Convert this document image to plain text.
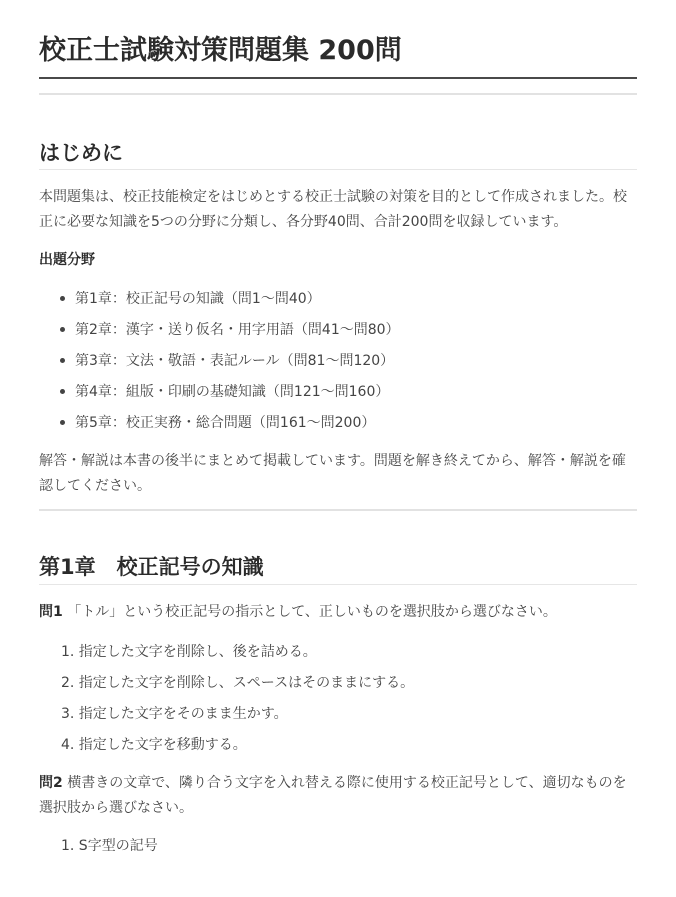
校正士試験対策問題集 200問
はじめに

本問題集は、校正技能検定をはじめとする校正士試験の対策を目的として作成されました。校正に必要な知識を5つの分野に分類し、各分野40問、合計200問を収録しています。

出題分野
第1章：校正記号の知識（問1〜問40）
第2章：漢字・送り仮名・用字用語（問41〜問80）
第3章：文法・敬語・表記ルール（問81〜問120）
第4章：組版・印刷の基礎知識（問121〜問160）
第5章：校正実務・総合問題（問161〜問200）

解答・解説は本書の後半にまとめて掲載しています。問題を解き終えてから、解答・解説を確認してください。

第1章　校正記号の知識
問1 「トル」という校正記号の指示として、正しいものを選択肢から選びなさい。
1. 指定した文字を削除し、後を詰める。
2. 指定した文字を削除し、スペースはそのままにする。
3. 指定した文字をそのまま生かす。
4. 指定した文字を移動する。

問2 横書きの文章で、隣り合う文字を入れ替える際に使用する校正記号として、適切なものを選択肢から選びなさい。

1. S字型の記号
